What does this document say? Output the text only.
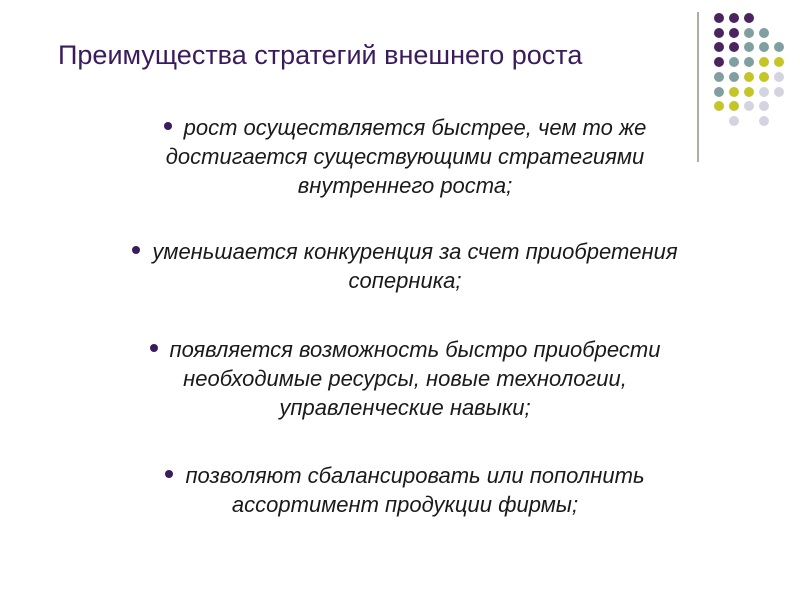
Преимущества стратегий внешнего роста
рост осуществляется быстрее, чем то же
достигается существующими стратегиями
внутреннего роста;
уменьшается конкуренция за счет приобретения
соперника;
появляется возможность быстро приобрести
необходимые ресурсы, новые технологии,
управленческие навыки;
позволяют сбалансировать или пополнить
ассортимент продукции фирмы;
